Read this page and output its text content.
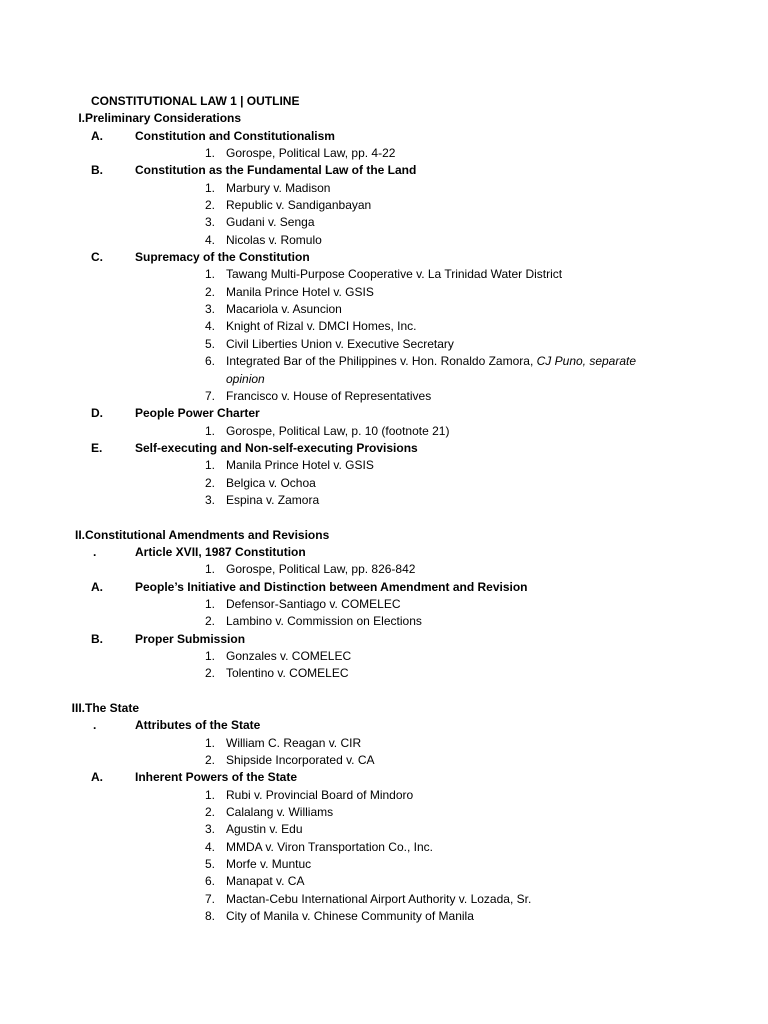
CONSTITUTIONAL LAW 1 | OUTLINE
I. Preliminary Considerations
A.	Constitution and Constitutionalism
1. Gorospe, Political Law, pp. 4-22
B.	Constitution as the Fundamental Law of the Land
1. Marbury v. Madison
2. Republic v. Sandiganbayan
3. Gudani v. Senga
4. Nicolas v. Romulo
C.	Supremacy of the Constitution
1. Tawang Multi-Purpose Cooperative v. La Trinidad Water District
2. Manila Prince Hotel v. GSIS
3. Macariola v. Asuncion
4. Knight of Rizal v. DMCI Homes, Inc.
5. Civil Liberties Union v. Executive Secretary
6. Integrated Bar of the Philippines v. Hon. Ronaldo Zamora, CJ Puno, separate opinion
7. Francisco v. House of Representatives
D.	People Power Charter
1. Gorospe, Political Law, p. 10 (footnote 21)
E.	Self-executing and Non-self-executing Provisions
1. Manila Prince Hotel v. GSIS
2. Belgica v. Ochoa
3. Espina v. Zamora
II. Constitutional Amendments and Revisions
.	Article XVII, 1987 Constitution
1. Gorospe, Political Law, pp. 826-842
A.	People’s Initiative and Distinction between Amendment and Revision
1. Defensor-Santiago v. COMELEC
2. Lambino v. Commission on Elections
B.	Proper Submission
1. Gonzales v. COMELEC
2. Tolentino v. COMELEC
III. The State
.	Attributes of the State
1. William C. Reagan v. CIR
2. Shipside Incorporated v. CA
A.	Inherent Powers of the State
1. Rubi v. Provincial Board of Mindoro
2. Calalang v. Williams
3. Agustin v. Edu
4. MMDA v. Viron Transportation Co., Inc.
5. Morfe v. Muntuc
6. Manapat v. CA
7. Mactan-Cebu International Airport Authority v. Lozada, Sr.
8. City of Manila v. Chinese Community of Manila
